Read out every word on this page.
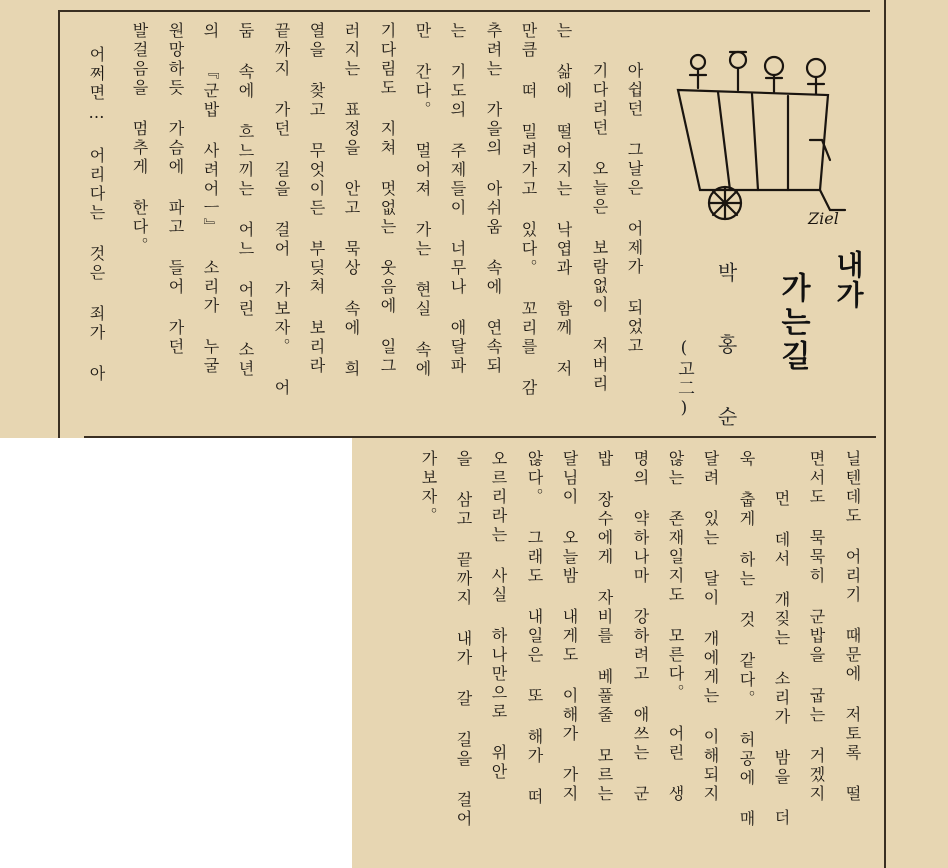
Ziel
내가
가는길
박 홍 순
(고二)
아쉽던 그날은 어제가 되었고
기다리던 오늘은 보람없이 저버리
는 삶에 떨어지는 낙엽과 함께 저
만큼 떠 밀려가고 있다。 꼬리를 감
추려는 가을의 아쉬움 속에 연속되
는 기도의 주제들이 너무나 애달파
만 간다。 멀어져 가는 현실 속에
기다림도 지쳐 멋없는 웃음에 일그
러지는 표정을 안고 묵상 속에 희
열을 찾고 무엇이든 부딪쳐 보리라
끝까지 가던 길을 걸어 가보자。 어
둠 속에 흐느끼는 어느 어린 소년
의 『군밥 사려어ㅡ』 소리가 누굴
원망하듯 가슴에 파고 들어 가던
발걸음을 멈추게 한다。
어쩌면… 어리다는 것은 죄가 아
닐텐데도 어리기 때문에 저토록 떨
면서도 묵묵히 군밥을 굽는 거겠지
먼 데서 개짖는 소리가 밤을 더
욱 춥게 하는 것 같다。 허공에 매
달려 있는 달이 개에게는 이해되지
않는 존재일지도 모른다。 어린 생
명의 약하나마 강하려고 애쓰는 군
밥 장수에게 자비를 베풀줄 모르는
달님이 오늘밤 내게도 이해가 가지
않다。 그래도 내일은 또 해가 떠
오르리라는 사실 하나만으로 위안
을 삼고 끝까지 내가 갈 길을 걸어
가보자。
